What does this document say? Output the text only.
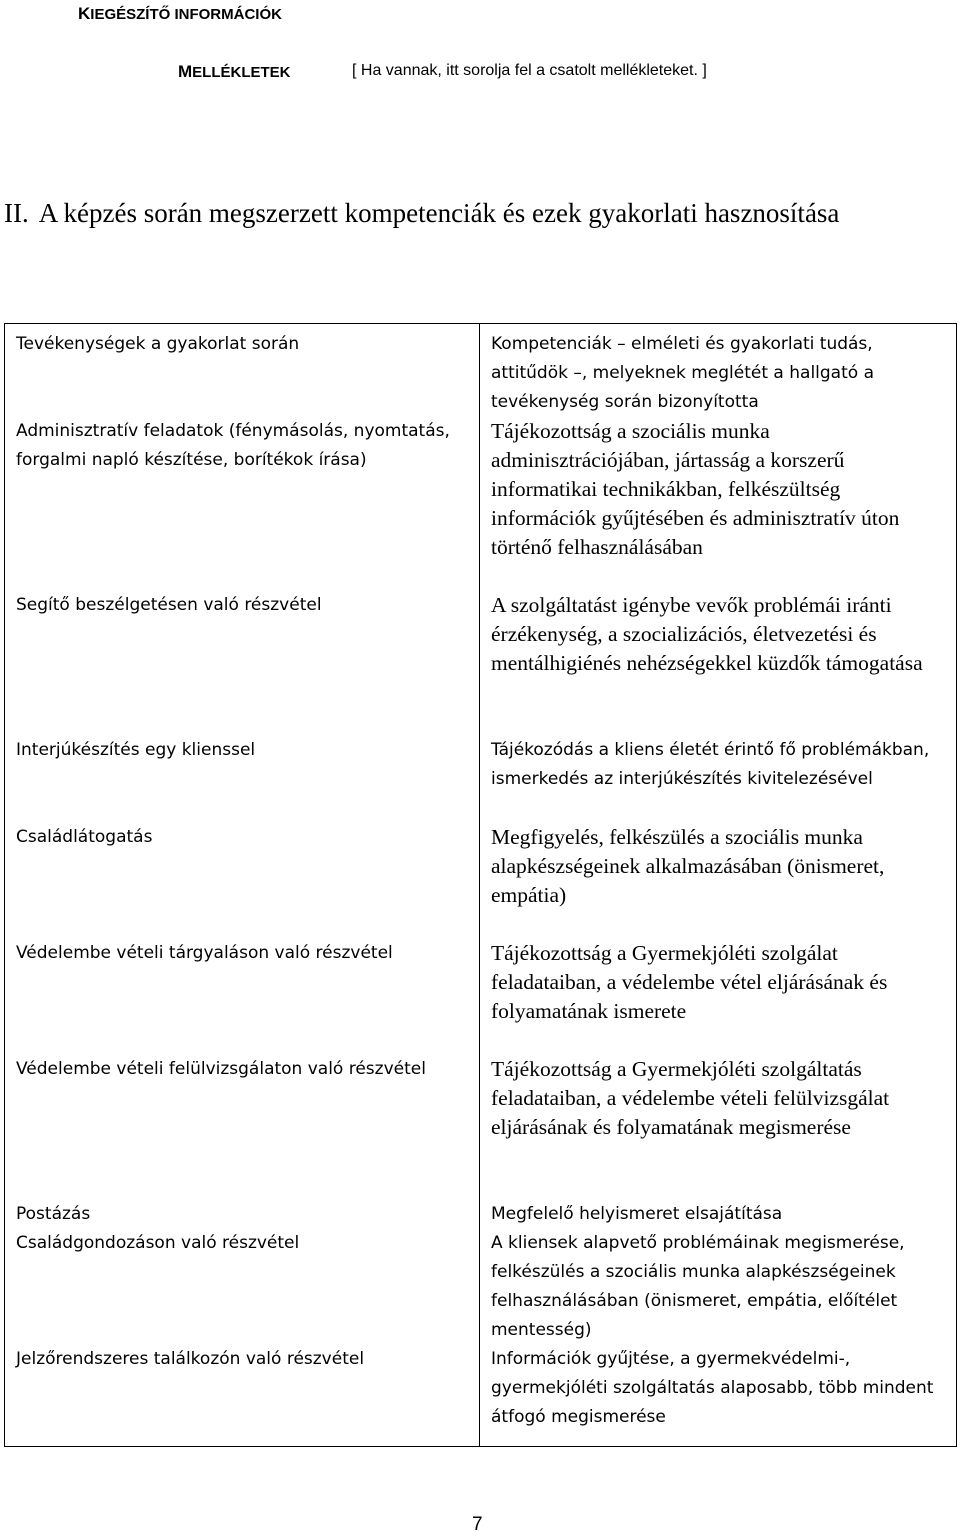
KIEGÉSZÍTŐ INFORMÁCIÓK
MELLÉKLETEK	[ Ha vannak, itt sorolja fel a csatolt mellékleteket. ]
II. A képzés során megszerzett kompetenciák és ezek gyakorlati hasznosítása
Tevékenységek a gyakorlat során	Kompetenciák – elméleti és gyakorlati tudás, attitűdök –, melyeknek meglétét a hallgató a tevékenység során bizonyította

Adminisztratív feladatok (fénymásolás, nyomtatás, forgalmi napló készítése, borítékok írása)	Tájékozottság a szociális munka adminisztrációjában, jártasság a korszerű informatikai technikákban, felkészültség információk gyűjtésében és adminisztratív úton történő felhasználásában

Segítő beszélgetésen való részvétel	A szolgáltatást igénybe vevők problémái iránti érzékenység, a szocializációs, életvezetési és mentálhigiénés nehézségekkel küzdők támogatása

Interjúkészítés egy klienssel	Tájékozódás a kliens életét érintő fő problémákban, ismerkedés az interjúkészítés kivitelezésével

Családlátogatás	Megfigyelés, felkészülés a szociális munka alapkészségeinek alkalmazásában (önismeret, empátia)

Védelembe vételi tárgyaláson való részvétel	Tájékozottság a Gyermekjóléti szolgálat feladataiban, a védelembe vétel eljárásának és folyamatának ismerete

Védelembe vételi felülvizsgálaton való részvétel	Tájékozottság a Gyermekjóléti szolgáltatás feladataiban, a védelembe vételi felülvizsgálat eljárásának és folyamatának megismerése

Postázás	Megfelelő helyismeret elsajátítása

Családgondozáson való részvétel	A kliensek alapvető problémáinak megismerése, felkészülés a szociális munka alapkészségeinek felhasználásában (önismeret, empátia, előítélet mentesség)

Jelzőrendszeres találkozón való részvétel	Információk gyűjtése, a gyermekvédelmi-, gyermekjóléti szolgáltatás alaposabb, több mindent átfogó megismerése
7
